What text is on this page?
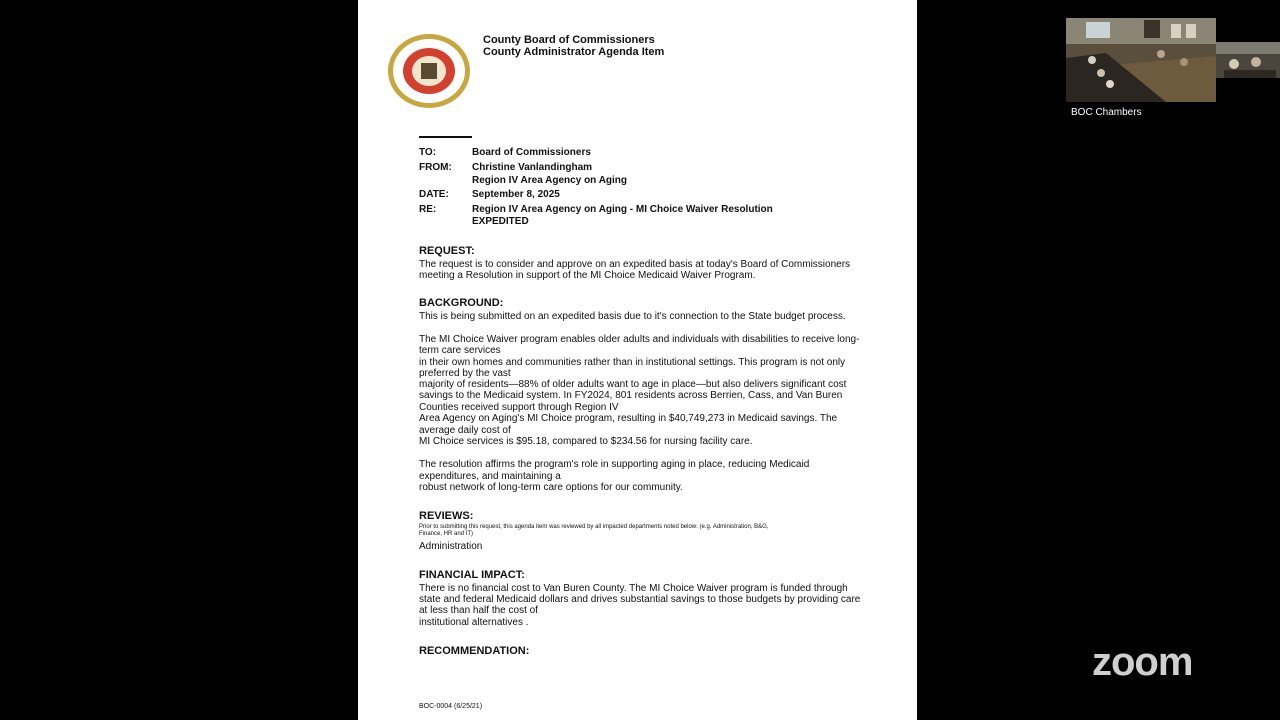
County Board of Commissioners
County Administrator Agenda Item
TO:	Board of Commissioners
FROM: Christine Vanlandingham
Region IV Area Agency on Aging
DATE: September 8, 2025
RE:	Region IV Area Agency on Aging - MI Choice Waiver Resolution
EXPEDITED
REQUEST:
The request is to consider and approve on an expedited basis at today's Board of Commissioners
meeting a Resolution in support of the MI Choice Medicaid Waiver Program.
BACKGROUND:
This is being submitted on an expedited basis due to it's connection to the State budget process.
The MI Choice Waiver program enables older adults and individuals with disabilities to receive long-
term care services
in their own homes and communities rather than in institutional settings. This program is not only
preferred by the vast
majority of residents—88% of older adults want to age in place—but also delivers significant cost
savings to the Medicaid system. In FY2024, 801 residents across Berrien, Cass, and Van Buren
Counties received support through Region IV
Area Agency on Aging's MI Choice program, resulting in $40,749,273 in Medicaid savings. The
average daily cost of
MI Choice services is $95.18, compared to $234.56 for nursing facility care.
The resolution affirms the program's role in supporting aging in place, reducing Medicaid
expenditures, and maintaining a
robust network of long-term care options for our community.
REVIEWS:
Prior to submitting this request, this agenda item was reviewed by all impacted departments noted below: (e.g. Administration, B&G,
Finance, HR and IT)
Administration
FINANCIAL IMPACT:
There is no financial cost to Van Buren County. The MI Choice Waiver program is funded through
state and federal Medicaid dollars and drives substantial savings to those budgets by providing care
at less than half the cost of
institutional alternatives .
RECOMMENDATION:
BOC-0004 (6/25/21)
BOC Chambers
zoom
